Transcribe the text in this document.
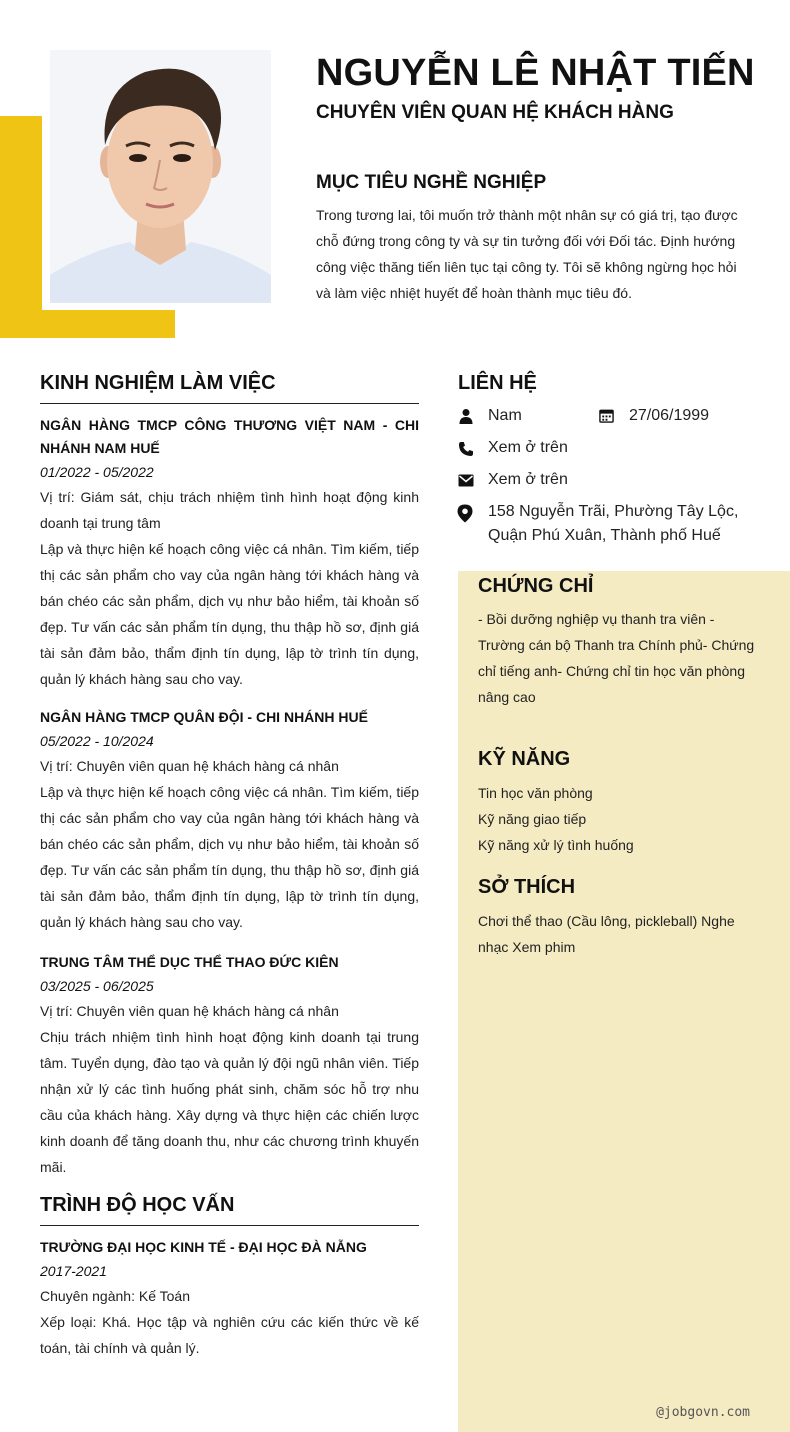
NGUYỄN LÊ NHẬT TIẾN
CHUYÊN VIÊN QUAN HỆ KHÁCH HÀNG
MỤC TIÊU NGHỀ NGHIỆP
Trong tương lai, tôi muốn trở thành một nhân sự có giá trị, tạo được chỗ đứng trong công ty và sự tin tưởng đối với Đối tác. Định hướng công việc thăng tiến liên tục tại công ty. Tôi sẽ không ngừng học hỏi và làm việc nhiệt huyết để hoàn thành mục tiêu đó.
KINH NGHIỆM LÀM VIỆC
NGÂN HÀNG TMCP CÔNG THƯƠNG VIỆT NAM - CHI NHÁNH NAM HUẾ
01/2022 - 05/2022
Vị trí: Giám sát, chịu trách nhiệm tình hình hoạt động kinh doanh tại trung tâm
Lập và thực hiện kế hoạch công việc cá nhân. Tìm kiếm, tiếp thị các sản phẩm cho vay của ngân hàng tới khách hàng và bán chéo các sản phẩm, dịch vụ như bảo hiểm, tài khoản số đẹp. Tư vấn các sản phẩm tín dụng, thu thập hồ sơ, định giá tài sản đảm bảo, thẩm định tín dụng, lập tờ trình tín dụng, quản lý khách hàng sau cho vay.
NGÂN HÀNG TMCP QUÂN ĐỘI - CHI NHÁNH HUẾ
05/2022 - 10/2024
Vị trí: Chuyên viên quan hệ khách hàng cá nhân
Lập và thực hiện kế hoạch công việc cá nhân. Tìm kiếm, tiếp thị các sản phẩm cho vay của ngân hàng tới khách hàng và bán chéo các sản phẩm, dịch vụ như bảo hiểm, tài khoản số đẹp. Tư vấn các sản phẩm tín dụng, thu thập hồ sơ, định giá tài sản đảm bảo, thẩm định tín dụng, lập tờ trình tín dụng, quản lý khách hàng sau cho vay.
TRUNG TÂM THỂ DỤC THỂ THAO ĐỨC KIÊN
03/2025 - 06/2025
Vị trí: Chuyên viên quan hệ khách hàng cá nhân
Chịu trách nhiệm tình hình hoạt động kinh doanh tại trung tâm. Tuyển dụng, đào tạo và quản lý đội ngũ nhân viên. Tiếp nhận xử lý các tình huống phát sinh, chăm sóc hỗ trợ nhu cầu của khách hàng. Xây dựng và thực hiện các chiến lược kinh doanh để tăng doanh thu, như các chương trình khuyến mãi.
TRÌNH ĐỘ HỌC VẤN
TRƯỜNG ĐẠI HỌC KINH TẾ - ĐẠI HỌC ĐÀ NẴNG
2017-2021
Chuyên ngành: Kế Toán
Xếp loại: Khá. Học tập và nghiên cứu các kiến thức về kế toán, tài chính và quản lý.
LIÊN HỆ
Nam	27/06/1999
Xem ở trên
Xem ở trên
158 Nguyễn Trãi, Phường Tây Lộc, Quận Phú Xuân, Thành phố Huế
CHỨNG CHỈ
- Bồi dưỡng nghiệp vụ thanh tra viên - Trường cán bộ Thanh tra Chính phủ- Chứng chỉ tiếng anh- Chứng chỉ tin học văn phòng nâng cao
KỸ NĂNG
Tin học văn phòng
Kỹ năng giao tiếp
Kỹ năng xử lý tình huống
SỞ THÍCH
Chơi thể thao (Cầu lông, pickleball) Nghe nhạc Xem phim
@jobgovn.com
